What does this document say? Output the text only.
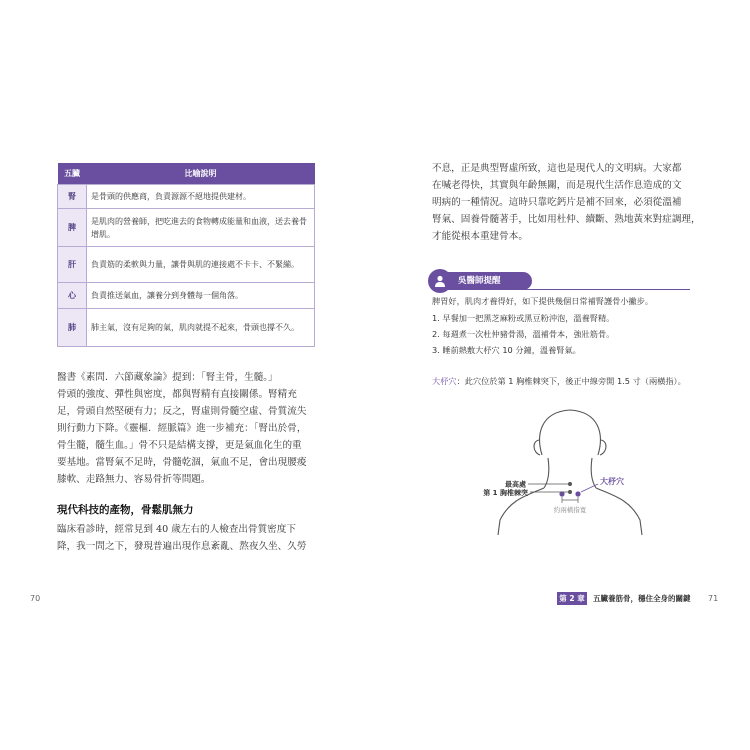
五臟	比喻說明
腎	是骨頭的供應商，負責源源不絕地提供建材。
脾	是肌肉的營養師，把吃進去的食物轉成能量和血液，送去養骨增肌。
肝	負責筋的柔軟與力量，讓骨與肌的連接處不卡卡、不緊繃。
心	負責推送氣血，讓養分到身體每一個角落。
肺	肺主氣，沒有足夠的氣，肌肉就提不起來，骨頭也撐不久。
醫書《素問．六節藏象論》提到：「腎主骨，生髓。」
骨頭的強度、彈性與密度，都與腎精有直接關係。腎精充
足，骨頭自然堅硬有力；反之，腎虛則骨髓空虛、骨質流失
則行動力下降。《靈樞．經脈篇》進一步補充：「腎出於骨，
骨生髓，髓生血。」骨不只是結構支撐，更是氣血化生的重
要基地。當腎氣不足時，骨髓乾涸，氣血不足，會出現腰痠
膝軟、走路無力、容易骨折等問題。
現代科技的產物，骨鬆肌無力
臨床看診時，經常見到 40 歲左右的人檢查出骨質密度下
降，我一問之下，發現普遍出現作息紊亂、熬夜久坐、久勞
70
不息，正是典型腎虛所致，這也是現代人的文明病。大家都
在喊老得快，其實與年齡無關，而是現代生活作息造成的文
明病的一種情況。這時只靠吃鈣片是補不回來，必須從溫補
腎氣、固養骨髓著手，比如用杜仲、續斷、熟地黃來對症調理，
才能從根本重建骨本。
吳醫師提醒
脾胃好，肌肉才養得好，如下提供幾個日常補腎護骨小撇步。
1. 早餐加一把黑芝麻粉或黑豆粉沖泡，溫養腎精。
2. 每週煮一次杜仲豬骨湯，溫補骨本，強壯筋骨。
3. 睡前熱敷大杼穴 10 分鐘，溫養腎氣。
大杼穴：此穴位於第 1 胸椎棘突下，後正中線旁開 1.5 寸（兩橫指）。
最高處
第 1 胸椎棘突
大杼穴
約兩橫指寬
第 2 章	五臟養筋骨，穩住全身的關鍵 71
